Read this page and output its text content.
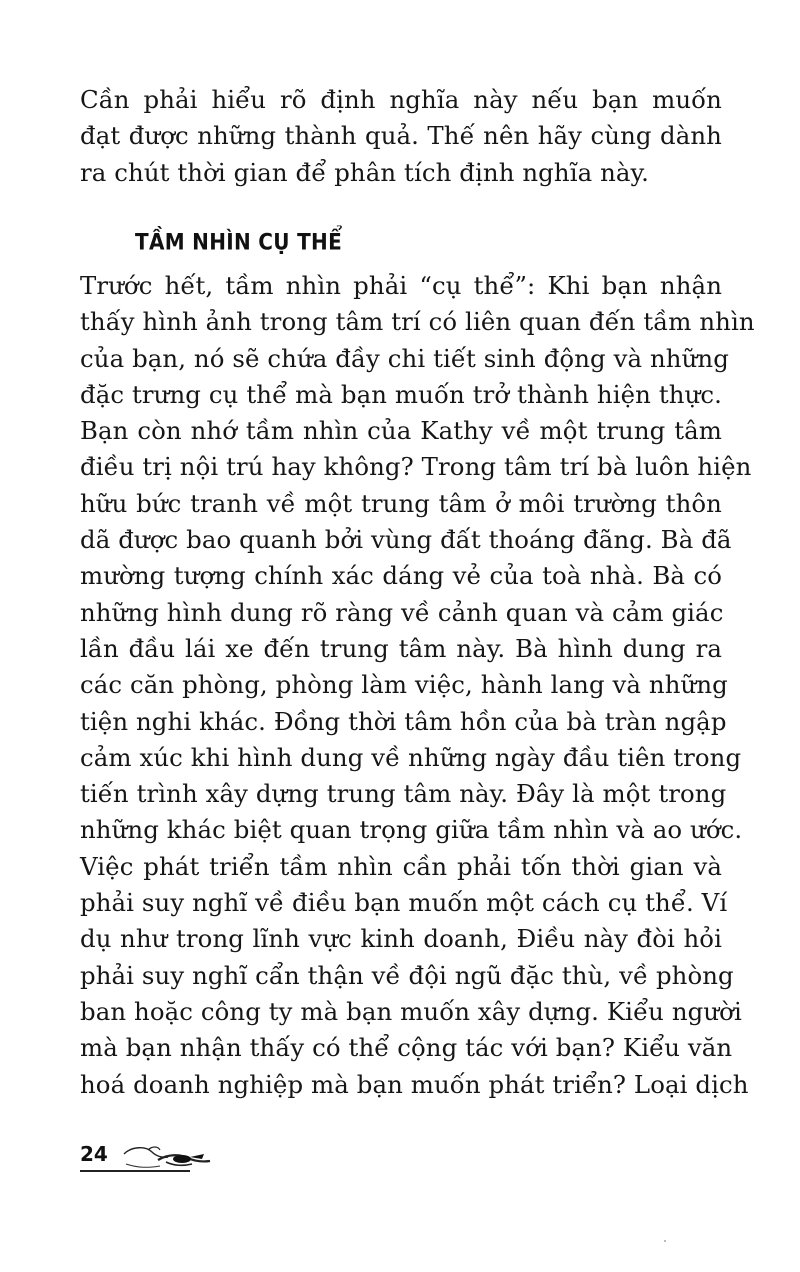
Cần phải hiểu rõ định nghĩa này nếu bạn muốn
đạt được những thành quả. Thế nên hãy cùng dành
ra chút thời gian để phân tích định nghĩa này.
TẦM NHÌN CỤ THỂ
Trước hết, tầm nhìn phải “cụ thể”: Khi bạn nhận
thấy hình ảnh trong tâm trí có liên quan đến tầm nhìn
của bạn, nó sẽ chứa đầy chi tiết sinh động và những
đặc trưng cụ thể mà bạn muốn trở thành hiện thực.
Bạn còn nhớ tầm nhìn của Kathy về một trung tâm
điều trị nội trú hay không? Trong tâm trí bà luôn hiện
hữu bức tranh về một trung tâm ở môi trường thôn
dã được bao quanh bởi vùng đất thoáng đãng. Bà đã
mường tượng chính xác dáng vẻ của toà nhà. Bà có
những hình dung rõ ràng về cảnh quan và cảm giác
lần đầu lái xe đến trung tâm này. Bà hình dung ra
các căn phòng, phòng làm việc, hành lang và những
tiện nghi khác. Đồng thời tâm hồn của bà tràn ngập
cảm xúc khi hình dung về những ngày đầu tiên trong
tiến trình xây dựng trung tâm này. Đây là một trong
những khác biệt quan trọng giữa tầm nhìn và ao ước.
Việc phát triển tầm nhìn cần phải tốn thời gian và
phải suy nghĩ về điều bạn muốn một cách cụ thể. Ví
dụ như trong lĩnh vực kinh doanh, Điều này đòi hỏi
phải suy nghĩ cẩn thận về đội ngũ đặc thù, về phòng
ban hoặc công ty mà bạn muốn xây dựng. Kiểu người
mà bạn nhận thấy có thể cộng tác với bạn? Kiểu văn
hoá doanh nghiệp mà bạn muốn phát triển? Loại dịch
24
